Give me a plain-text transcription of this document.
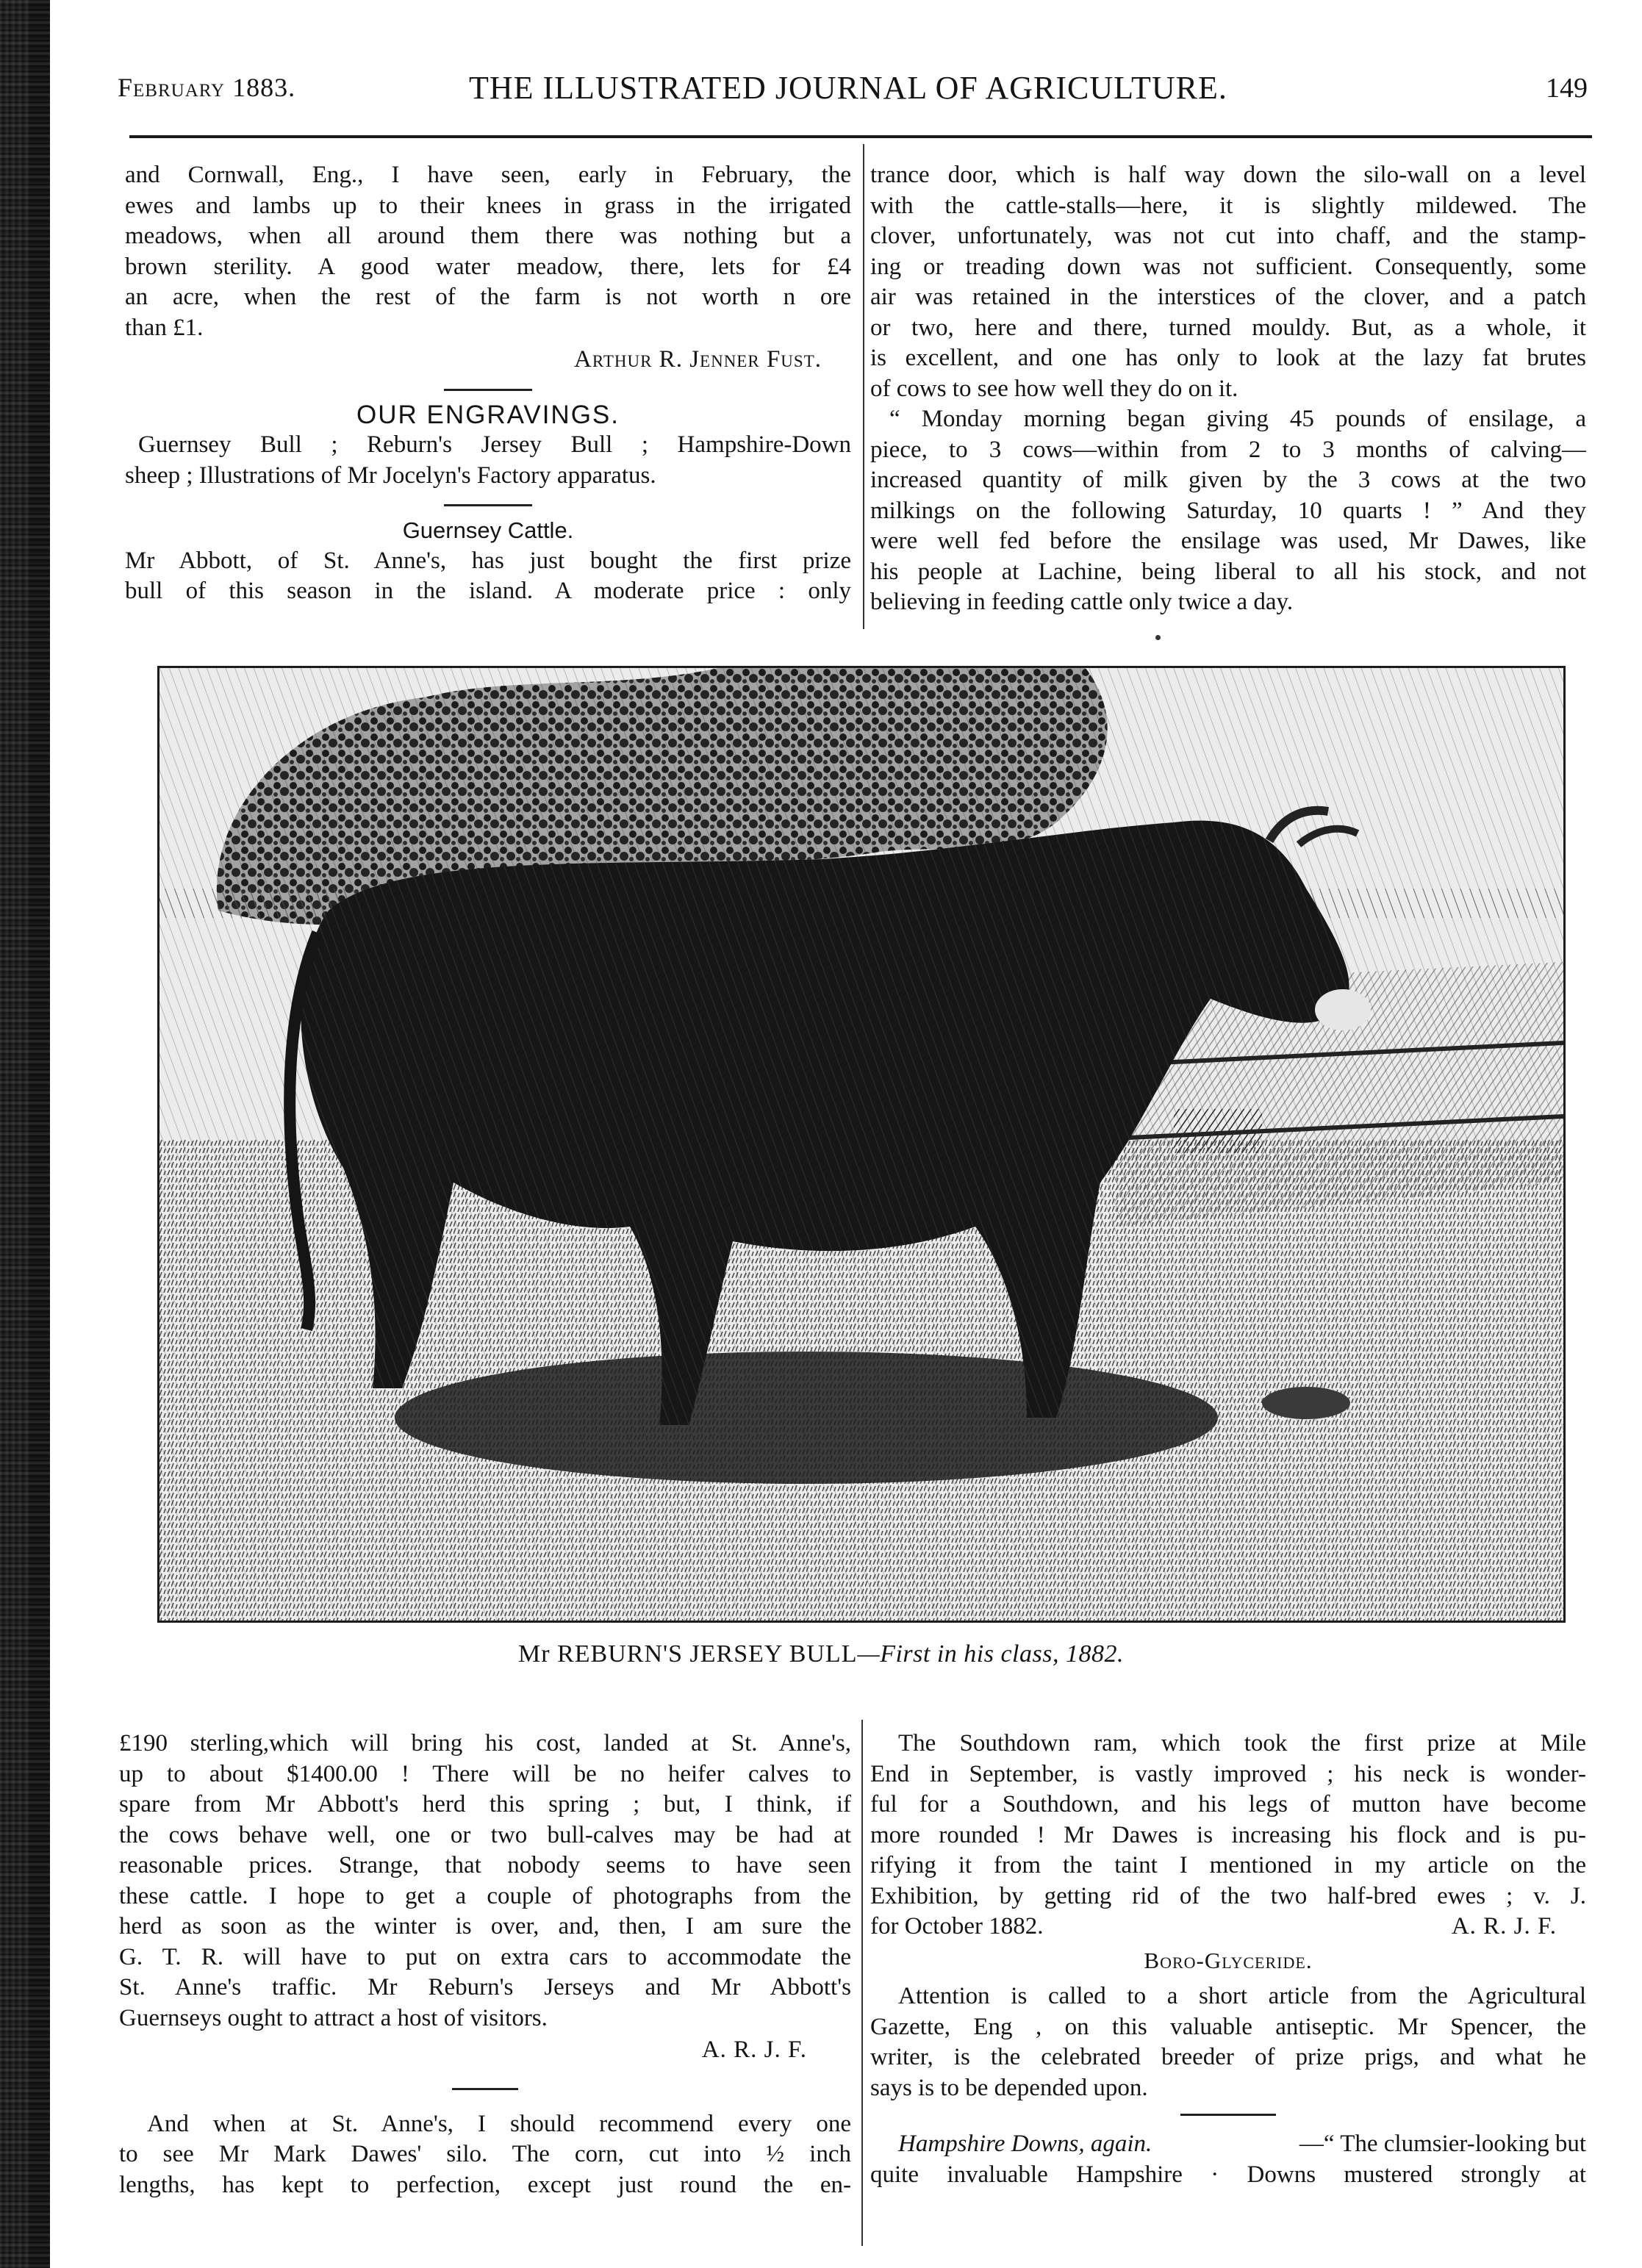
February 1883.	THE ILLUSTRATED JOURNAL OF AGRICULTURE.	149
and Cornwall, Eng., I have seen, early in February, the
ewes and lambs up to their knees in grass in the irrigated
meadows, when all around them there was nothing but a
brown sterility. A good water meadow, there, lets for £4
an acre, when the rest of the farm is not worth n ore
than £1.
Arthur R. Jenner Fust.
OUR ENGRAVINGS.
Guernsey Bull ; Reburn's Jersey Bull ; Hampshire-Down
sheep ; Illustrations of Mr Jocelyn's Factory apparatus.
Guernsey Cattle.
Mr Abbott, of St. Anne's, has just bought the first prize
bull of this season in the island. A moderate price : only
trance door, which is half way down the silo-wall on a level
with the cattle-stalls—here, it is slightly mildewed. The
clover, unfortunately, was not cut into chaff, and the stamp-
ing or treading down was not sufficient. Consequently, some
air was retained in the interstices of the clover, and a patch
or two, here and there, turned mouldy. But, as a whole, it
is excellent, and one has only to look at the lazy fat brutes
of cows to see how well they do on it.
“ Monday morning began giving 45 pounds of ensilage, a
piece, to 3 cows—within from 2 to 3 months of calving—
increased quantity of milk given by the 3 cows at the two
milkings on the following Saturday, 10 quarts ! ” And they
were well fed before the ensilage was used, Mr Dawes, like
his people at Lachine, being liberal to all his stock, and not
believing in feeding cattle only twice a day.
Mr REBURN'S JERSEY BULL—First in his class, 1882.
£190 sterling,which will bring his cost, landed at St. Anne's,
up to about $1400.00 ! There will be no heifer calves to
spare from Mr Abbott's herd this spring ; but, I think, if
the cows behave well, one or two bull-calves may be had at
reasonable prices. Strange, that nobody seems to have seen
these cattle. I hope to get a couple of photographs from the
herd as soon as the winter is over, and, then, I am sure the
G. T. R. will have to put on extra cars to accommodate the
St. Anne's traffic. Mr Reburn's Jerseys and Mr Abbott's
Guernseys ought to attract a host of visitors.
A. R. J. F.
And when at St. Anne's, I should recommend every one
to see Mr Mark Dawes' silo. The corn, cut into ½ inch
lengths, has kept to perfection, except just round the en-
The Southdown ram, which took the first prize at Mile
End in September, is vastly improved ; his neck is wonder-
ful for a Southdown, and his legs of mutton have become
more rounded ! Mr Dawes is increasing his flock and is pu-
rifying it from the taint I mentioned in my article on the
Exhibition, by getting rid of the two half-bred ewes ; v. J.
for October 1882.	A. R. J. F.
Boro-Glyceride.
Attention is called to a short article from the Agricultural
Gazette, Eng , on this valuable antiseptic. Mr Spencer, the
writer, is the celebrated breeder of prize prigs, and what he
says is to be depended upon.
Hampshire Downs, again.	—“ The clumsier-looking but
quite invaluable Hampshire · Downs mustered strongly at
